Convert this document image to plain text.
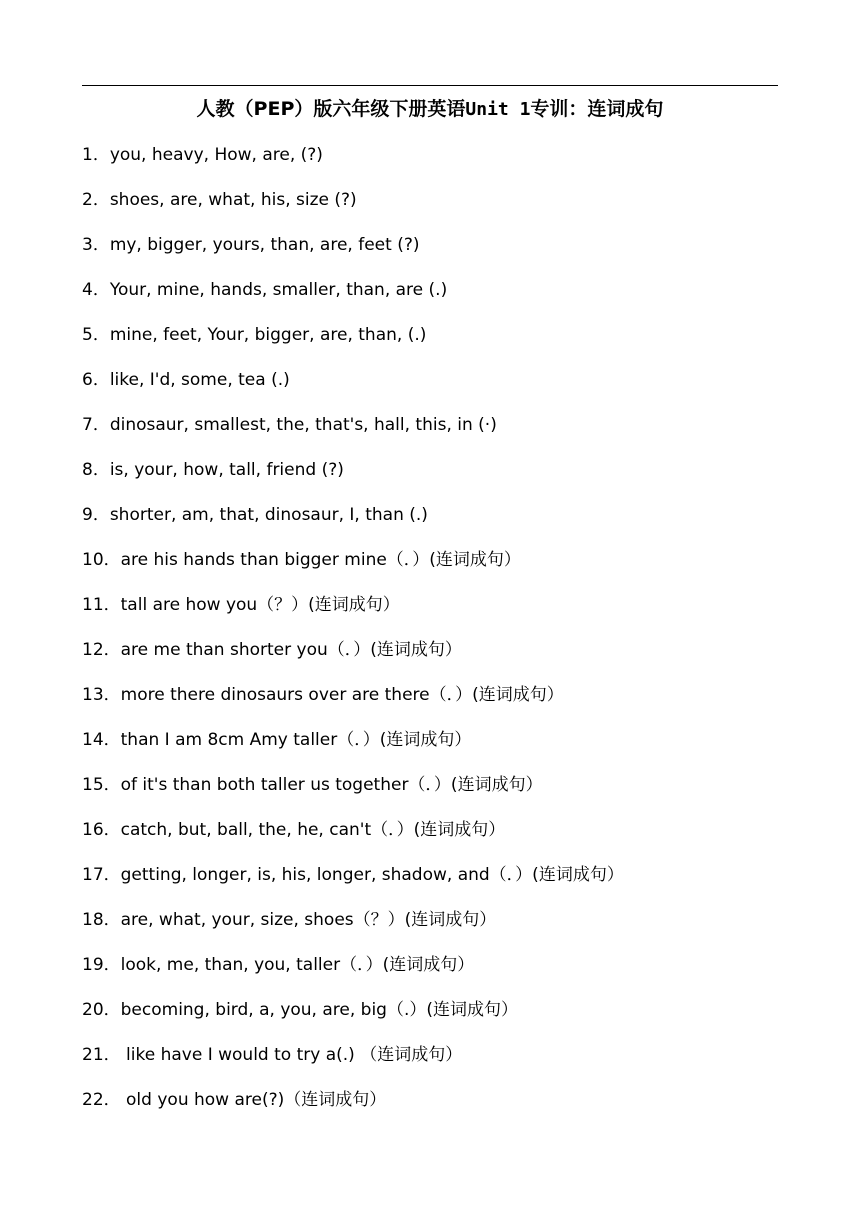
人教（PEP）版六年级下册英语Unit 1专训：连词成句
1．you, heavy, How, are, (?)
2．shoes, are, what, his, size (?)
3．my, bigger, yours, than, are, feet (?)
4．Your, mine, hands, smaller, than, are (.)
5．mine, feet, Your, bigger, are, than, (.)
6．like, I'd, some, tea (.)
7．dinosaur, smallest, the, that's, hall, this, in (·)
8．is, your, how, tall, friend (?)
9．shorter, am, that, dinosaur, I, than (.)
10．are his hands than bigger mine（．）(连词成句）
11．tall are how you（？）(连词成句）
12．are me than shorter you（．）(连词成句）
13．more there dinosaurs over are there（．）(连词成句）
14．than I am 8cm Amy taller（．）(连词成句）
15．of it's than both taller us together（．）(连词成句）
16．catch, but, ball, the, he, can't（．）(连词成句）
17．getting, longer, is, his, longer, shadow, and（．）(连词成句）
18．are, what, your, size, shoes（？）(连词成句）
19．look, me, than, you, taller（．）(连词成句）
20．becoming, bird, a, you, are, big（.）(连词成句）
21． like have I would to try a(.) （连词成句）
22． old you how are(?)（连词成句）
